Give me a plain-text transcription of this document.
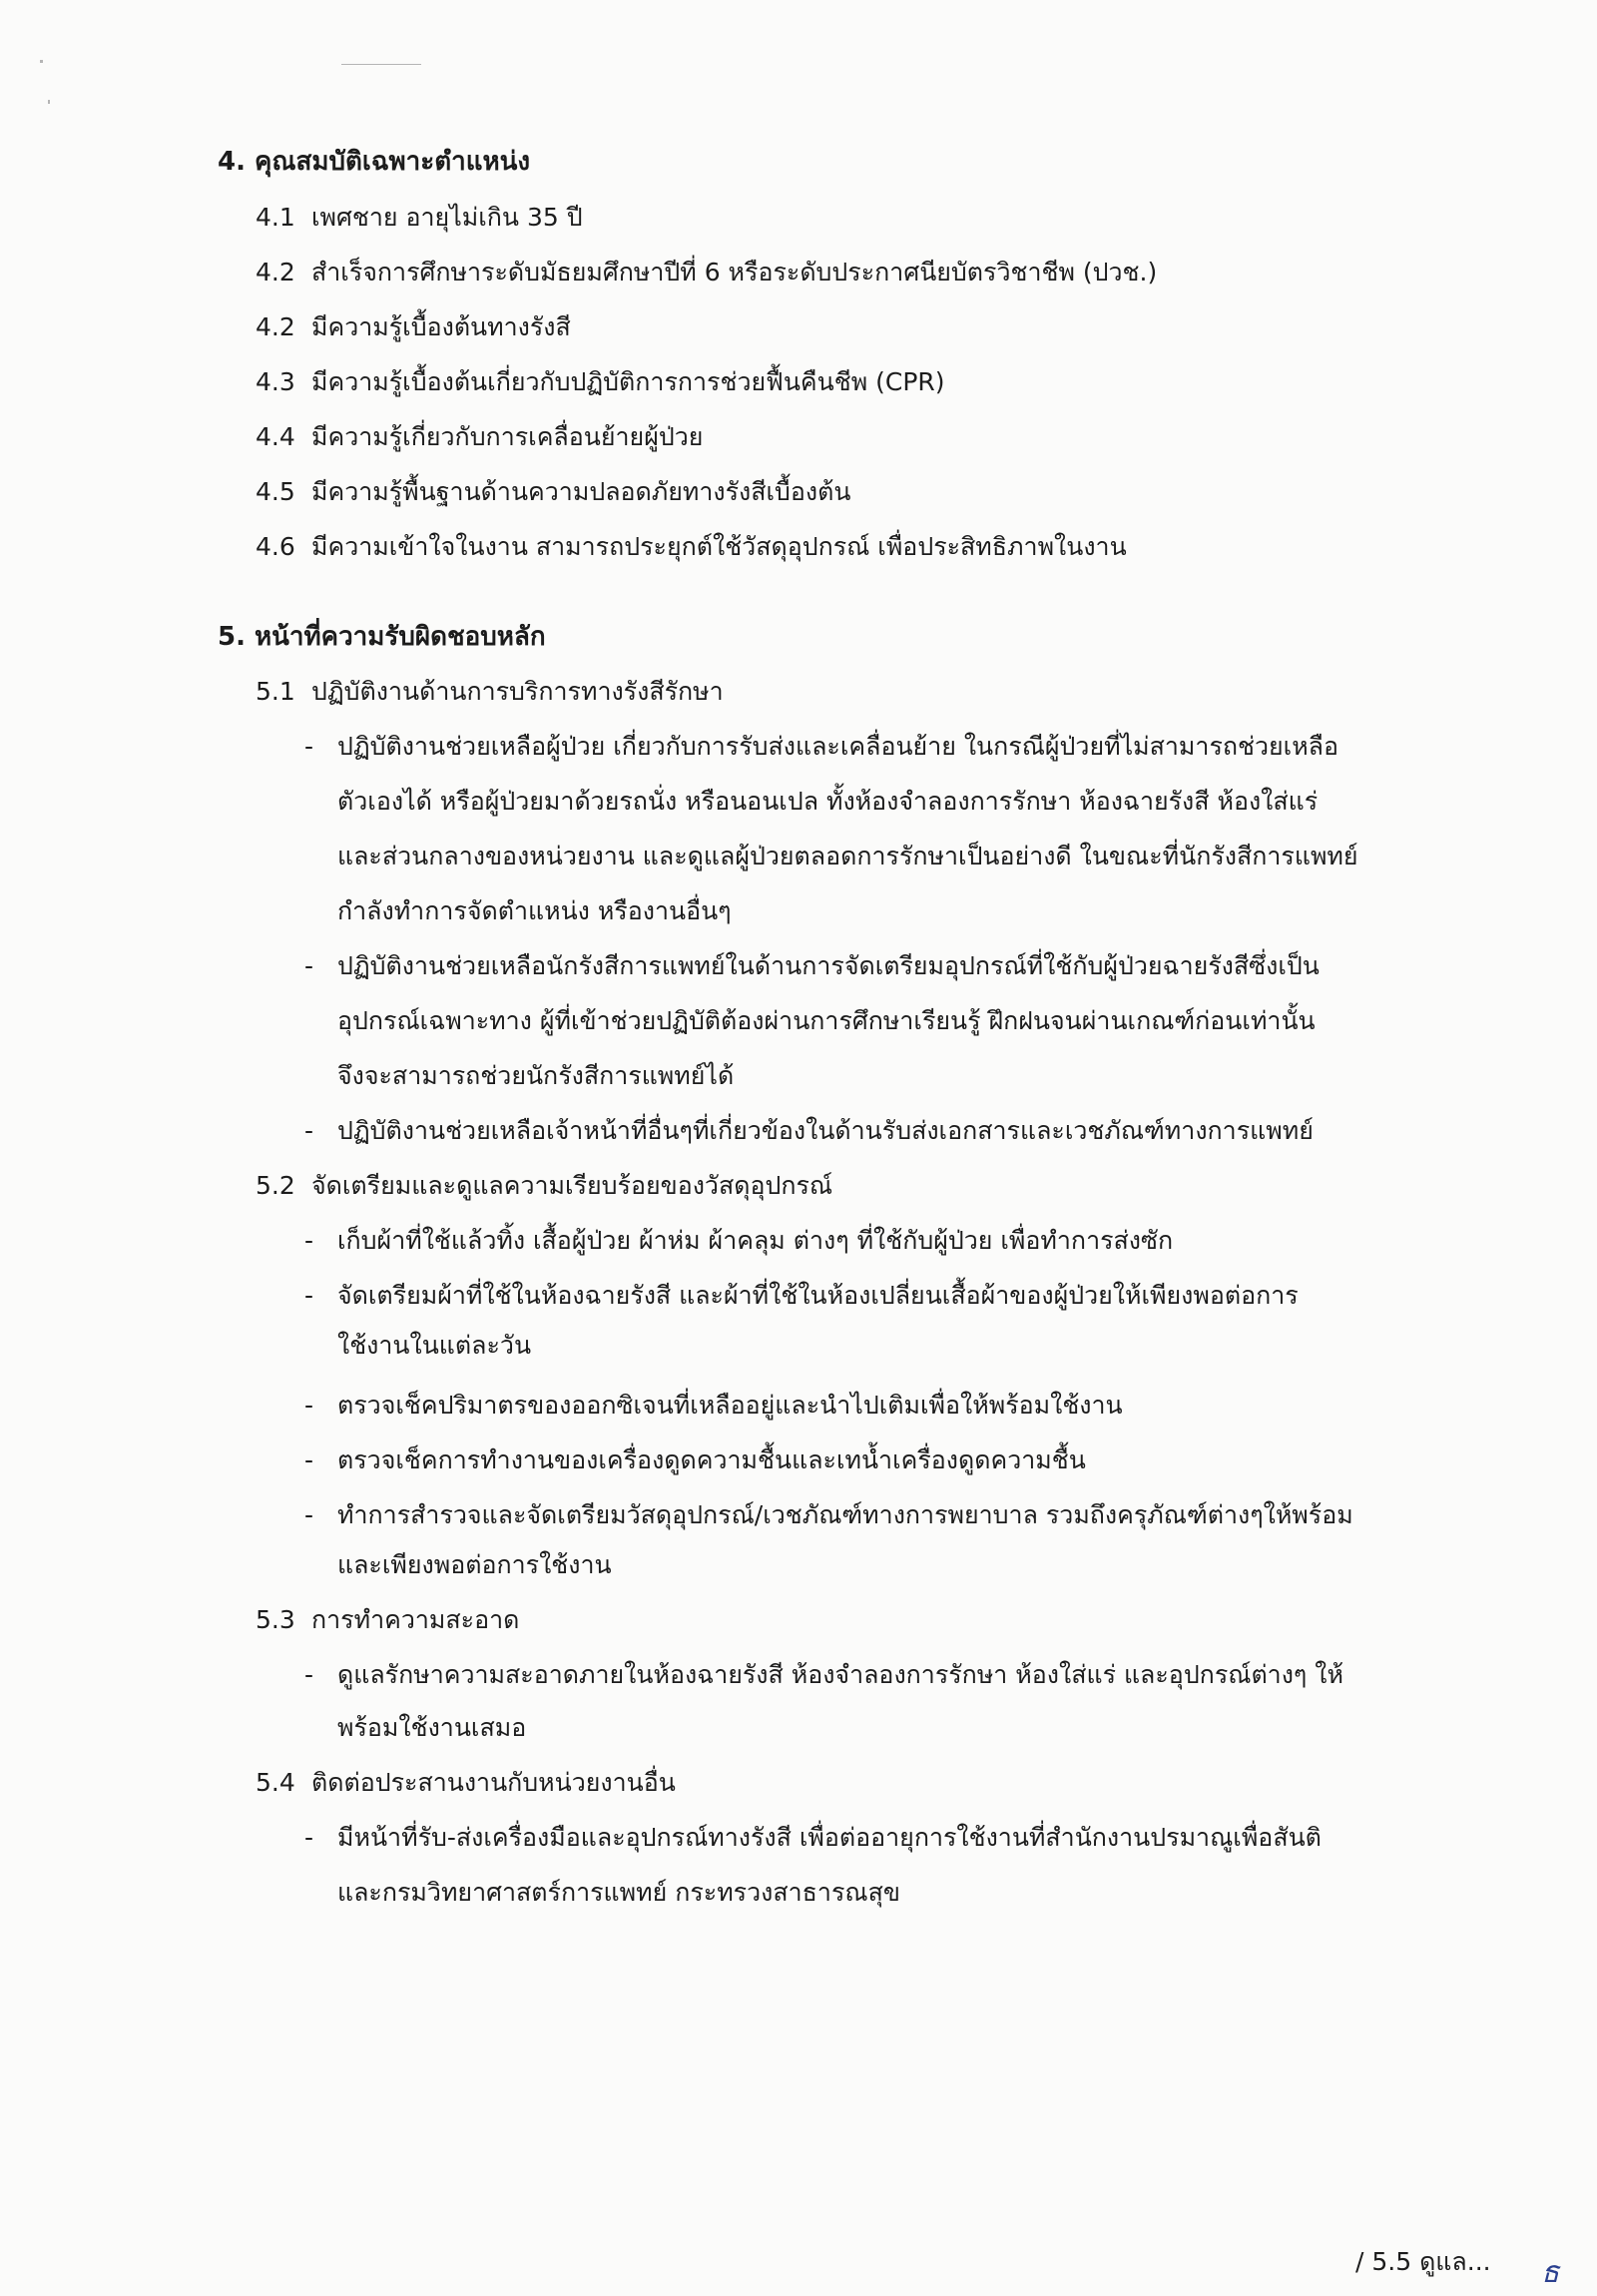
4. คุณสมบัติเฉพาะตำแหน่ง
4.1 เพศชาย อายุไม่เกิน 35 ปี
4.2 สำเร็จการศึกษาระดับมัธยมศึกษาปีที่ 6 หรือระดับประกาศนียบัตรวิชาชีพ (ปวช.)
4.2 มีความรู้เบื้องต้นทางรังสี
4.3 มีความรู้เบื้องต้นเกี่ยวกับปฏิบัติการการช่วยฟื้นคืนชีพ (CPR)
4.4 มีความรู้เกี่ยวกับการเคลื่อนย้ายผู้ป่วย
4.5 มีความรู้พื้นฐานด้านความปลอดภัยทางรังสีเบื้องต้น
4.6 มีความเข้าใจในงาน สามารถประยุกต์ใช้วัสดุอุปกรณ์ เพื่อประสิทธิภาพในงาน
5. หน้าที่ความรับผิดชอบหลัก
5.1 ปฏิบัติงานด้านการบริการทางรังสีรักษา
- ปฏิบัติงานช่วยเหลือผู้ป่วย เกี่ยวกับการรับส่งและเคลื่อนย้าย ในกรณีผู้ป่วยที่ไม่สามารถช่วยเหลือ
ตัวเองได้ หรือผู้ป่วยมาด้วยรถนั่ง หรือนอนเปล ทั้งห้องจำลองการรักษา ห้องฉายรังสี ห้องใส่แร่
และส่วนกลางของหน่วยงาน และดูแลผู้ป่วยตลอดการรักษาเป็นอย่างดี ในขณะที่นักรังสีการแพทย์
กำลังทำการจัดตำแหน่ง หรืองานอื่นๆ
- ปฏิบัติงานช่วยเหลือนักรังสีการแพทย์ในด้านการจัดเตรียมอุปกรณ์ที่ใช้กับผู้ป่วยฉายรังสีซึ่งเป็น
อุปกรณ์เฉพาะทาง ผู้ที่เข้าช่วยปฏิบัติต้องผ่านการศึกษาเรียนรู้ ฝึกฝนจนผ่านเกณฑ์ก่อนเท่านั้น
จึงจะสามารถช่วยนักรังสีการแพทย์ได้
- ปฏิบัติงานช่วยเหลือเจ้าหน้าที่อื่นๆที่เกี่ยวข้องในด้านรับส่งเอกสารและเวชภัณฑ์ทางการแพทย์
5.2 จัดเตรียมและดูแลความเรียบร้อยของวัสดุอุปกรณ์
- เก็บผ้าที่ใช้แล้วทิ้ง เสื้อผู้ป่วย ผ้าห่ม ผ้าคลุม ต่างๆ ที่ใช้กับผู้ป่วย เพื่อทำการส่งซัก
- จัดเตรียมผ้าที่ใช้ในห้องฉายรังสี และผ้าที่ใช้ในห้องเปลี่ยนเสื้อผ้าของผู้ป่วยให้เพียงพอต่อการ
ใช้งานในแต่ละวัน
- ตรวจเช็คปริมาตรของออกซิเจนที่เหลืออยู่และนำไปเติมเพื่อให้พร้อมใช้งาน
- ตรวจเช็คการทำงานของเครื่องดูดความชื้นและเทน้ำเครื่องดูดความชื้น
- ทำการสำรวจและจัดเตรียมวัสดุอุปกรณ์/เวชภัณฑ์ทางการพยาบาล รวมถึงครุภัณฑ์ต่างๆให้พร้อม
และเพียงพอต่อการใช้งาน
5.3 การทำความสะอาด
- ดูแลรักษาความสะอาดภายในห้องฉายรังสี ห้องจำลองการรักษา ห้องใส่แร่ และอุปกรณ์ต่างๆ ให้
พร้อมใช้งานเสมอ
5.4 ติดต่อประสานงานกับหน่วยงานอื่น
- มีหน้าที่รับ-ส่งเครื่องมือและอุปกรณ์ทางรังสี เพื่อต่ออายุการใช้งานที่สำนักงานปรมาณูเพื่อสันติ
และกรมวิทยาศาสตร์การแพทย์ กระทรวงสาธารณสุข
/ 5.5 ดูแล... ธ
